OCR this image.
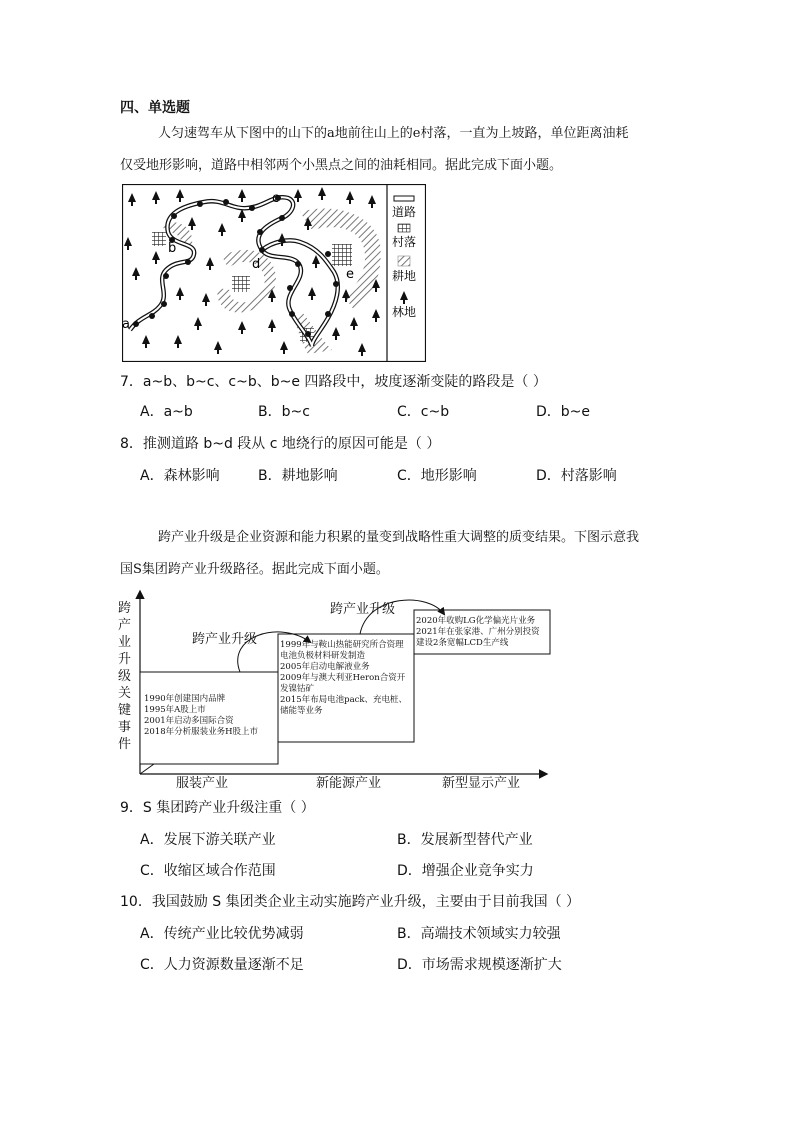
四、单选题
人匀速驾车从下图中的山下的a地前往山上的e村落，一直为上坡路，单位距离油耗
仅受地形影响，道路中相邻两个小黑点之间的油耗相同。据此完成下面小题。
a
b
c
d
e
道路
村落
耕地
林地
7．a~b、b~c、c~b、b~e 四路段中，坡度逐渐变陡的路段是（ ）
A．a~b	B．b~c	C．c~b	D．b~e
8．推测道路 b~d 段从 c 地绕行的原因可能是（ ）
A．森林影响	B．耕地影响	C．地形影响	D．村落影响
跨产业升级是企业资源和能力积累的量变到战略性重大调整的质变结果。下图示意我
国S集团跨产业升级路径。据此完成下面小题。
跨产业升级关键事件
跨产业升级
跨产业升级
1990年创建国内品牌
1995年A股上市
2001年启动多国际合资
2018年分析服装业务H股上市
1999年与鞍山热能研究所合资理
电池负极材料研发制造
2005年启动电解液业务
2009年与澳大利亚Heron合资开
发镍钴矿
2015年布局电池pack、充电桩、
储能等业务
2020年收购LG化学偏光片业务
2021年在张家港、广州分别投资
建设2条宽幅LCD生产线
服装产业	新能源产业	新型显示产业
9．S 集团跨产业升级注重（ ）
A．发展下游关联产业	B．发展新型替代产业
C．收缩区域合作范围	D．增强企业竞争实力
10．我国鼓励 S 集团类企业主动实施跨产业升级，主要由于目前我国（ ）
A．传统产业比较优势减弱	B．高端技术领域实力较强
C．人力资源数量逐渐不足	D．市场需求规模逐渐扩大
